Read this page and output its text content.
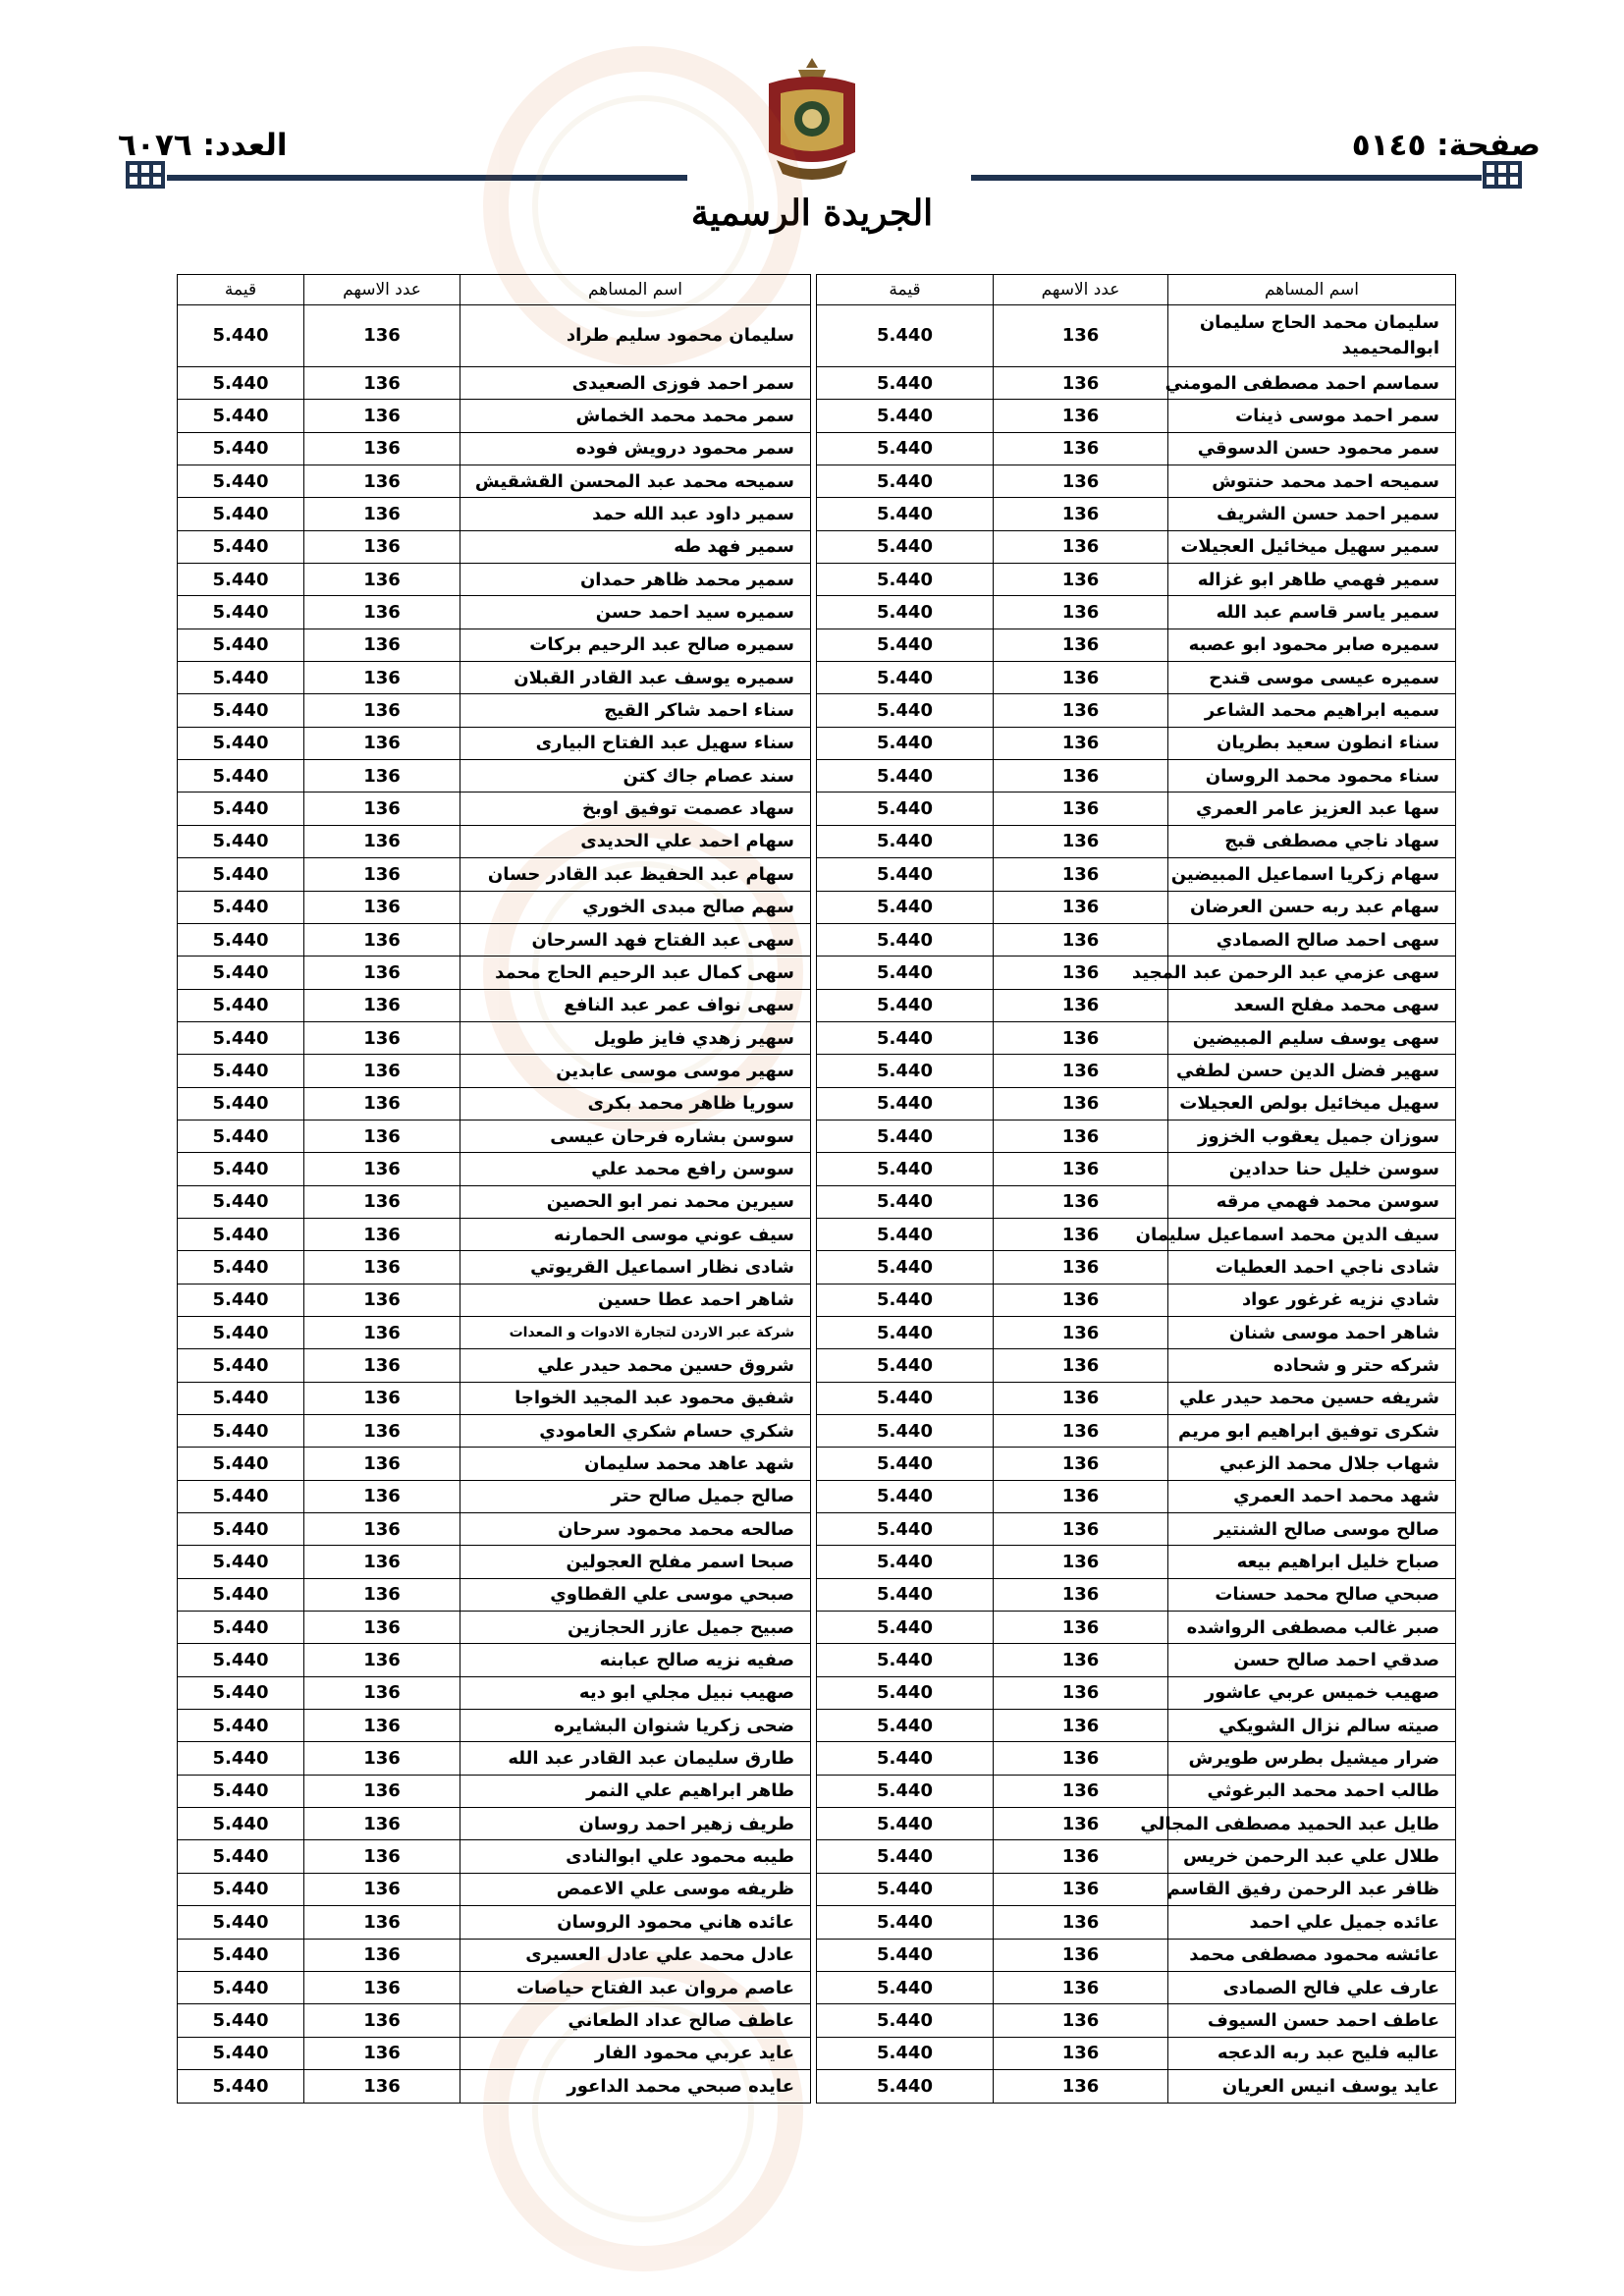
صفحة: ٥١٤٥
العدد: ٦٠٧٦
الجريدة الرسمية
اسم المساهم	عدد الاسهم	قيمة		اسم المساهم	عدد الاسهم	قيمة
سليمان محمد الحاج سليمان ابوالمحيميد	136	5.440		سليمان محمود سليم طراد	136	5.440
سماسم احمد مصطفى المومني	136	5.440		سمر احمد فوزى الصعيدى	136	5.440
سمر احمد موسى ذينات	136	5.440		سمر محمد محمد الخماش	136	5.440
سمر محمود حسن الدسوقي	136	5.440		سمر محمود درويش فوده	136	5.440
سميحه احمد محمد حنتوش	136	5.440		سميحه محمد عبد المحسن القشقيش	136	5.440
سمير احمد حسن الشريف	136	5.440		سمير داود عبد الله حمد	136	5.440
سمير سهيل ميخائيل العجيلات	136	5.440		سمير فهد طه	136	5.440
سمير فهمي طاهر ابو غزاله	136	5.440		سمير محمد ظاهر حمدان	136	5.440
سمير ياسر قاسم عبد الله	136	5.440		سميره سيد احمد حسن	136	5.440
سميره صابر محمود ابو عصبه	136	5.440		سميره صالح عبد الرحيم بركات	136	5.440
سميره عيسى موسى قندح	136	5.440		سميره يوسف عبد القادر القبلان	136	5.440
سميه ابراهيم محمد الشاعر	136	5.440		سناء احمد شاكر القيج	136	5.440
سناء انطون سعيد بطريان	136	5.440		سناء سهيل عبد الفتاح البيارى	136	5.440
سناء محمود محمد الروسان	136	5.440		سند عصام جاك كتن	136	5.440
سها عبد العزيز عامر العمري	136	5.440		سهاد عصمت توفيق اوبخ	136	5.440
سهاد ناجي مصطفى قبج	136	5.440		سهام احمد علي الحديدى	136	5.440
سهام زكريا اسماعيل المبيضين	136	5.440		سهام عبد الحفيظ عبد القادر حسان	136	5.440
سهام عبد ربه حسن العرضان	136	5.440		سهم صالح مبدى الخوري	136	5.440
سهى احمد صالح الصمادي	136	5.440		سهى عبد الفتاح فهد السرحان	136	5.440
سهى عزمي عبد الرحمن عبد المجيد	136	5.440		سهى كمال عبد الرحيم الحاج محمد	136	5.440
سهى محمد مفلح السعد	136	5.440		سهى نواف عمر عبد النافع	136	5.440
سهى يوسف سليم المبيضين	136	5.440		سهير زهدي فايز طويل	136	5.440
سهير فضل الدين حسن لطفي	136	5.440		سهير موسى موسى عابدين	136	5.440
سهيل ميخائيل بولص العجيلات	136	5.440		سوريا ظاهر محمد بكرى	136	5.440
سوزان جميل يعقوب الخزوز	136	5.440		سوسن بشاره فرحان عيسى	136	5.440
سوسن خليل حنا حدادين	136	5.440		سوسن رافع محمد علي	136	5.440
سوسن محمد فهمي مرقه	136	5.440		سيرين محمد نمر ابو الحصين	136	5.440
سيف الدين محمد اسماعيل سليمان	136	5.440		سيف عوني موسى الحمارنه	136	5.440
شادى ناجي احمد العطيات	136	5.440		شادى نظار اسماعيل القريوتي	136	5.440
شادي نزيه غرغور عواد	136	5.440		شاهر احمد عطا حسين	136	5.440
شاهر احمد موسى شنان	136	5.440		شركة عبر الاردن لتجارة الادوات و المعدات	136	5.440
شركه حتر و شحاده	136	5.440		شروق حسين محمد حيدر علي	136	5.440
شريفه حسين محمد حيدر علي	136	5.440		شفيق محمود عبد المجيد الخواجا	136	5.440
شكرى توفيق ابراهيم ابو مريم	136	5.440		شكري حسام شكري العامودي	136	5.440
شهاب جلال محمد الزعبي	136	5.440		شهد عاهد محمد سليمان	136	5.440
شهد محمد احمد العمري	136	5.440		صالح جميل صالح حتر	136	5.440
صالح موسى صالح الشنتير	136	5.440		صالحه محمد محمود سرحان	136	5.440
صباح خليل ابراهيم بيعه	136	5.440		صبحا اسمر مفلح العجولين	136	5.440
صبحي صالح محمد حسنات	136	5.440		صبحي موسى علي القطاوي	136	5.440
صبر غالب مصطفى الرواشده	136	5.440		صبيح جميل عازر الحجازين	136	5.440
صدقي احمد صالح حسن	136	5.440		صفيه نزيه صالح عبابنه	136	5.440
صهيب خميس عربي عاشور	136	5.440		صهيب نبيل مجلي ابو ديه	136	5.440
صيته سالم نزال الشويكي	136	5.440		ضحى زكريا شنوان البشايره	136	5.440
ضرار ميشيل بطرس طويرش	136	5.440		طارق سليمان عبد القادر عبد الله	136	5.440
طالب احمد محمد البرغوثي	136	5.440		طاهر ابراهيم علي النمر	136	5.440
طايل عبد الحميد مصطفى المجالي	136	5.440		طريف زهير احمد روسان	136	5.440
طلال علي عبد الرحمن خريس	136	5.440		طيبه محمود علي ابوالنادى	136	5.440
ظافر عبد الرحمن رفيق القاسم	136	5.440		ظريفه موسى علي الاعمص	136	5.440
عائده جميل علي احمد	136	5.440		عائده هاني محمود الروسان	136	5.440
عائشه محمود مصطفى محمد	136	5.440		عادل محمد علي عادل العسيرى	136	5.440
عارف علي فالح الصمادى	136	5.440		عاصم مروان عبد الفتاح حياصات	136	5.440
عاطف احمد حسن السيوف	136	5.440		عاطف صالح عداد الطعاني	136	5.440
عاليه فليح عبد ربه الدعجه	136	5.440		عايد عربي محمود الفار	136	5.440
عايد يوسف انيس العريان	136	5.440		عايده صبحي محمد الداعور	136	5.440
